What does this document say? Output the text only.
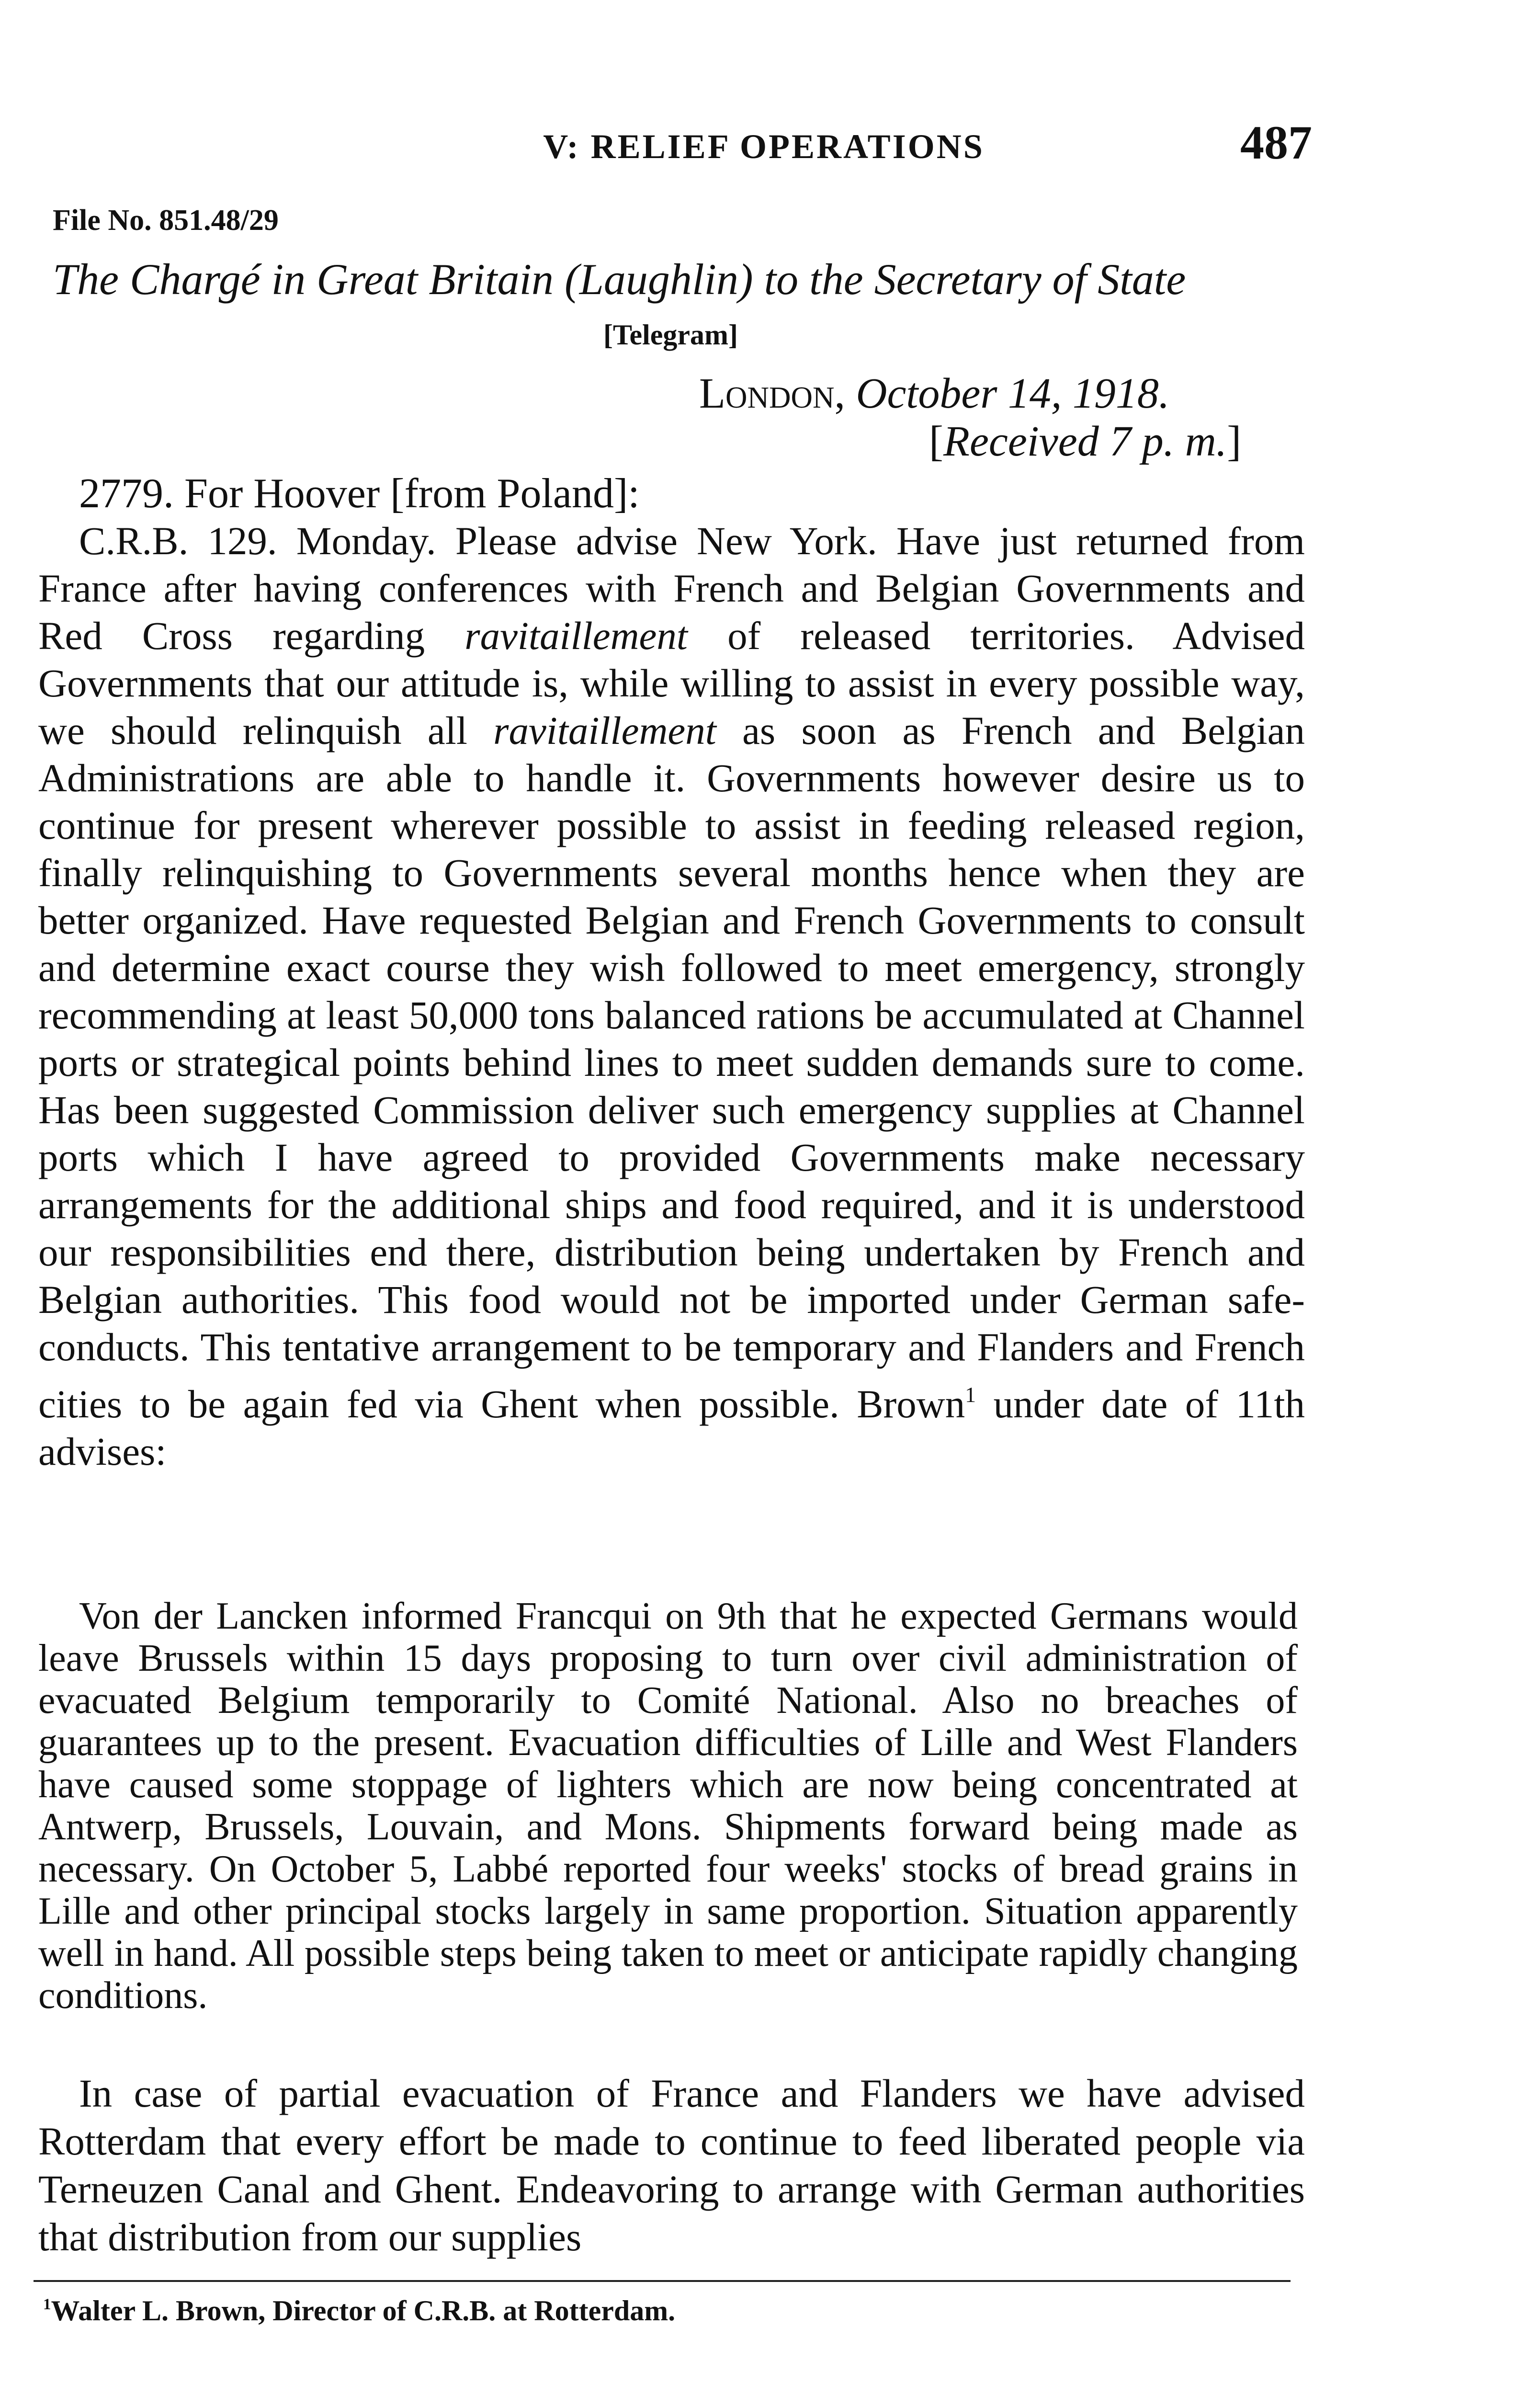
V: RELIEF OPERATIONS	487
File No. 851.48/29
The Chargé in Great Britain (Laughlin) to the Secretary of State
[Telegram]
London, October 14, 1918.
[Received 7 p. m.]
2779. For Hoover [from Poland]:

C.R.B. 129. Monday. Please advise New York. Have just returned from France after having conferences with French and Belgian Governments and Red Cross regarding ravitaillement of released territories. Advised Governments that our attitude is, while willing to assist in every possible way, we should relinquish all ravitaillement as soon as French and Belgian Administrations are able to handle it. Governments however desire us to continue for present wherever possible to assist in feeding released region, finally relinquishing to Governments several months hence when they are better organized. Have requested Belgian and French Governments to consult and determine exact course they wish followed to meet emergency, strongly recommending at least 50,000 tons balanced rations be accumulated at Channel ports or strategical points behind lines to meet sudden demands sure to come. Has been suggested Commission deliver such emergency supplies at Channel ports which I have agreed to provided Governments make necessary arrangements for the additional ships and food required, and it is understood our responsibilities end there, distribution being undertaken by French and Belgian authorities. This food would not be imported under German safe-conducts. This tentative arrangement to be temporary and Flanders and French cities to be again fed via Ghent when possible. Brown$^1$ under date of 11th advises:

Von der Lancken informed Francqui on 9th that he expected Germans would leave Brussels within 15 days proposing to turn over civil administration of evacuated Belgium temporarily to Comité National. Also no breaches of guarantees up to the present. Evacuation difficulties of Lille and West Flanders have caused some stoppage of lighters which are now being concentrated at Antwerp, Brussels, Louvain, and Mons. Shipments forward being made as necessary. On October 5, Labbé reported four weeks' stocks of bread grains in Lille and other principal stocks largely in same proportion. Situation apparently well in hand. All possible steps being taken to meet or anticipate rapidly changing conditions.

In case of partial evacuation of France and Flanders we have advised Rotterdam that every effort be made to continue to feed liberated people via Terneuzen Canal and Ghent. Endeavoring to arrange with German authorities that distribution from our supplies

$^1$Walter L. Brown, Director of C.R.B. at Rotterdam.
